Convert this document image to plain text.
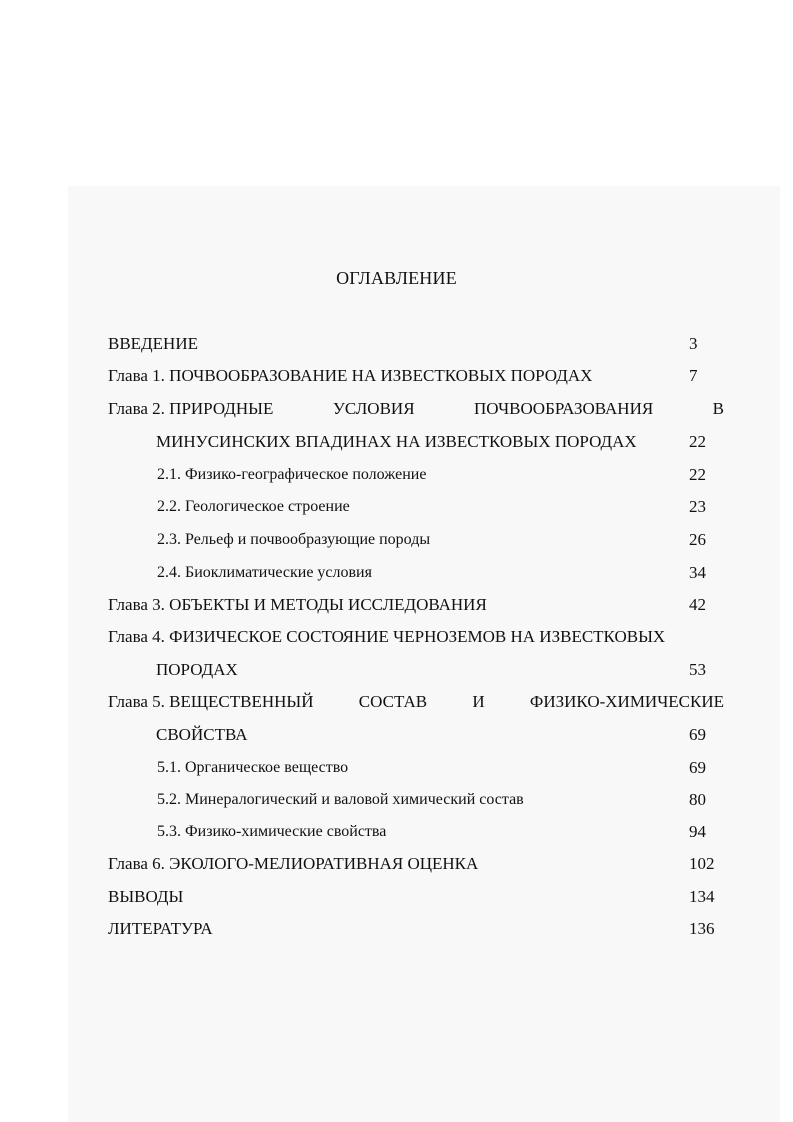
ОГЛАВЛЕНИЕ
ВВЕДЕНИЕ	3
Глава 1. ПОЧВООБРАЗОВАНИЕ НА ИЗВЕСТКОВЫХ ПОРОДАХ	7
Глава 2. ПРИРОДНЫЕ	УСЛОВИЯ	ПОЧВООБРАЗОВАНИЯ	В
МИНУСИНСКИХ ВПАДИНАХ НА ИЗВЕСТКОВЫХ ПОРОДАХ	22
2.1. Физико-географическое положение	22
2.2. Геологическое строение	23
2.3. Рельеф и почвообразующие породы	26
2.4. Биоклиматические условия	34
Глава 3. ОБЪЕКТЫ И МЕТОДЫ ИССЛЕДОВАНИЯ	42
Глава 4. ФИЗИЧЕСКОЕ СОСТОЯНИЕ ЧЕРНОЗЕМОВ НА ИЗВЕСТКОВЫХ
ПОРОДАХ	53
Глава 5. ВЕЩЕСТВЕННЫЙ	СОСТАВ	И	ФИЗИКО-ХИМИЧЕСКИЕ
СВОЙСТВА	69
5.1. Органическое вещество	69
5.2. Минералогический и валовой химический состав	80
5.3. Физико-химические свойства	94
Глава 6. ЭКОЛОГО-МЕЛИОРАТИВНАЯ ОЦЕНКА	102
ВЫВОДЫ	134
ЛИТЕРАТУРА	136
